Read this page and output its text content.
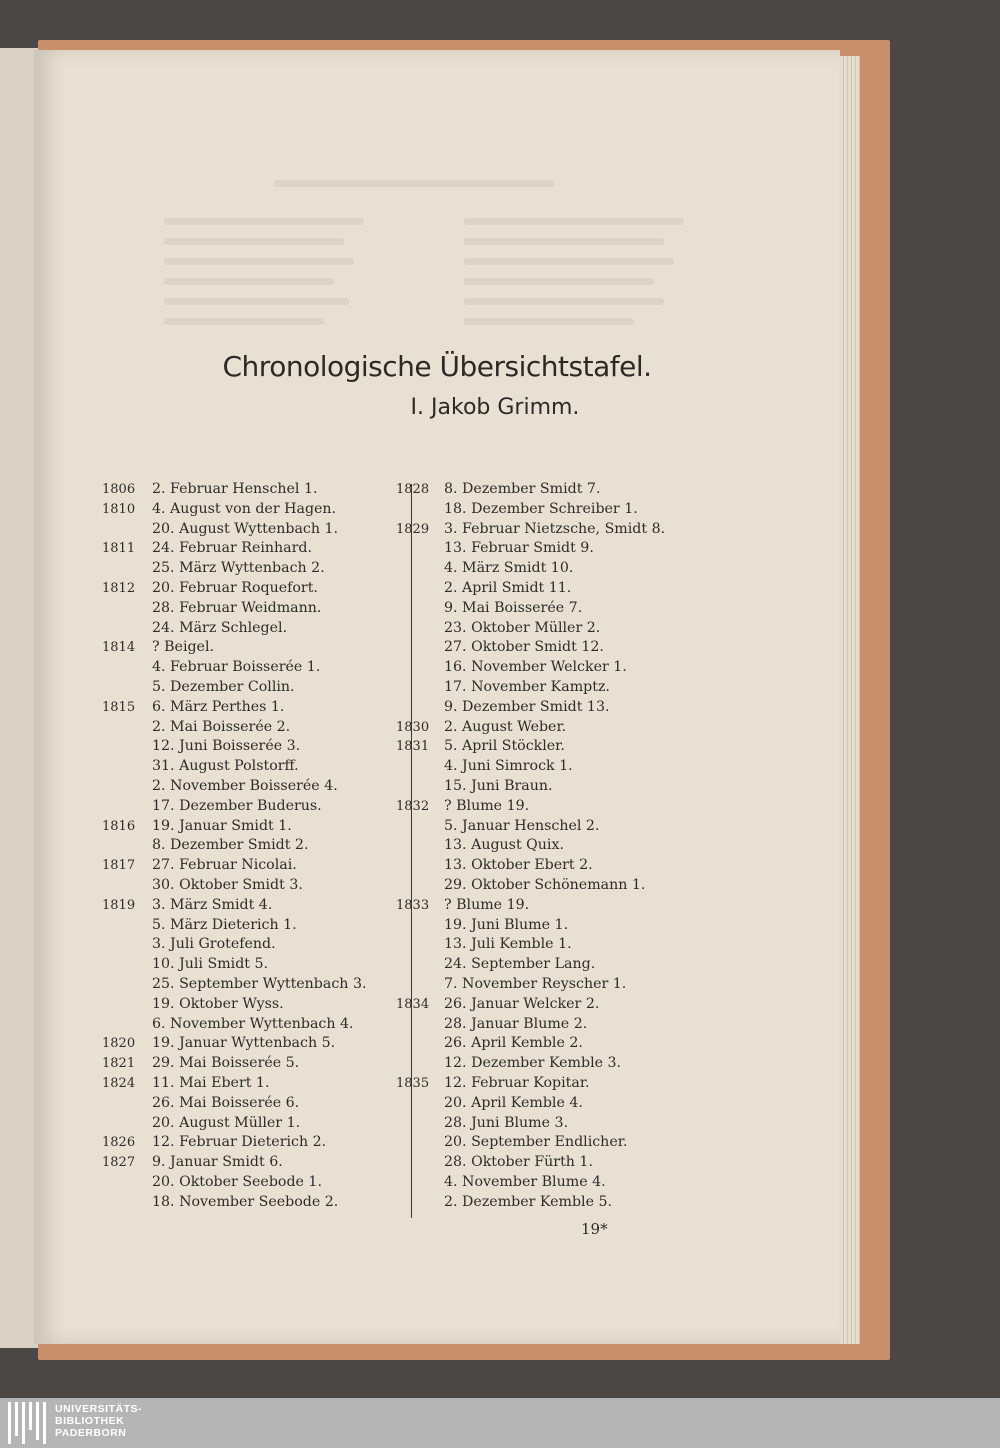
Chronologische Übersichtstafel.
I. Jakob Grimm.
1806	2. Februar Henschel 1.
1810	4. August von der Hagen.
20. August Wyttenbach 1.
1811	24. Februar Reinhard.
25. März Wyttenbach 2.
1812	20. Februar Roquefort.
28. Februar Weidmann.
24. März Schlegel.
1814	? Beigel.
4. Februar Boisserée 1.
5. Dezember Collin.
1815	6. März Perthes 1.
2. Mai Boisserée 2.
12. Juni Boisserée 3.
31. August Polstorff.
2. November Boisserée 4.
17. Dezember Buderus.
1816	19. Januar Smidt 1.
8. Dezember Smidt 2.
1817	27. Februar Nicolai.
30. Oktober Smidt 3.
1819	3. März Smidt 4.
5. März Dieterich 1.
3. Juli Grotefend.
10. Juli Smidt 5.
25. September Wyttenbach 3.
19. Oktober Wyss.
6. November Wyttenbach 4.
1820	19. Januar Wyttenbach 5.
1821	29. Mai Boisserée 5.
1824	11. Mai Ebert 1.
26. Mai Boisserée 6.
20. August Müller 1.
1826	12. Februar Dieterich 2.
1827	9. Januar Smidt 6.
20. Oktober Seebode 1.
18. November Seebode 2.
1828	8. Dezember Smidt 7.
18. Dezember Schreiber 1.
1829	3. Februar Nietzsche, Smidt 8.
13. Februar Smidt 9.
4. März Smidt 10.
2. April Smidt 11.
9. Mai Boisserée 7.
23. Oktober Müller 2.
27. Oktober Smidt 12.
16. November Welcker 1.
17. November Kamptz.
9. Dezember Smidt 13.
1830	2. August Weber.
1831	5. April Stöckler.
4. Juni Simrock 1.
15. Juni Braun.
1832	? Blume 19.
5. Januar Henschel 2.
13. August Quix.
13. Oktober Ebert 2.
29. Oktober Schönemann 1.
1833	? Blume 19.
19. Juni Blume 1.
13. Juli Kemble 1.
24. September Lang.
7. November Reyscher 1.
1834	26. Januar Welcker 2.
28. Januar Blume 2.
26. April Kemble 2.
12. Dezember Kemble 3.
1835	12. Februar Kopitar.
20. April Kemble 4.
28. Juni Blume 3.
20. September Endlicher.
28. Oktober Fürth 1.
4. November Blume 4.
2. Dezember Kemble 5.
19*
UNIVERSITÄTS-
BIBLIOTHEK
PADERBORN
